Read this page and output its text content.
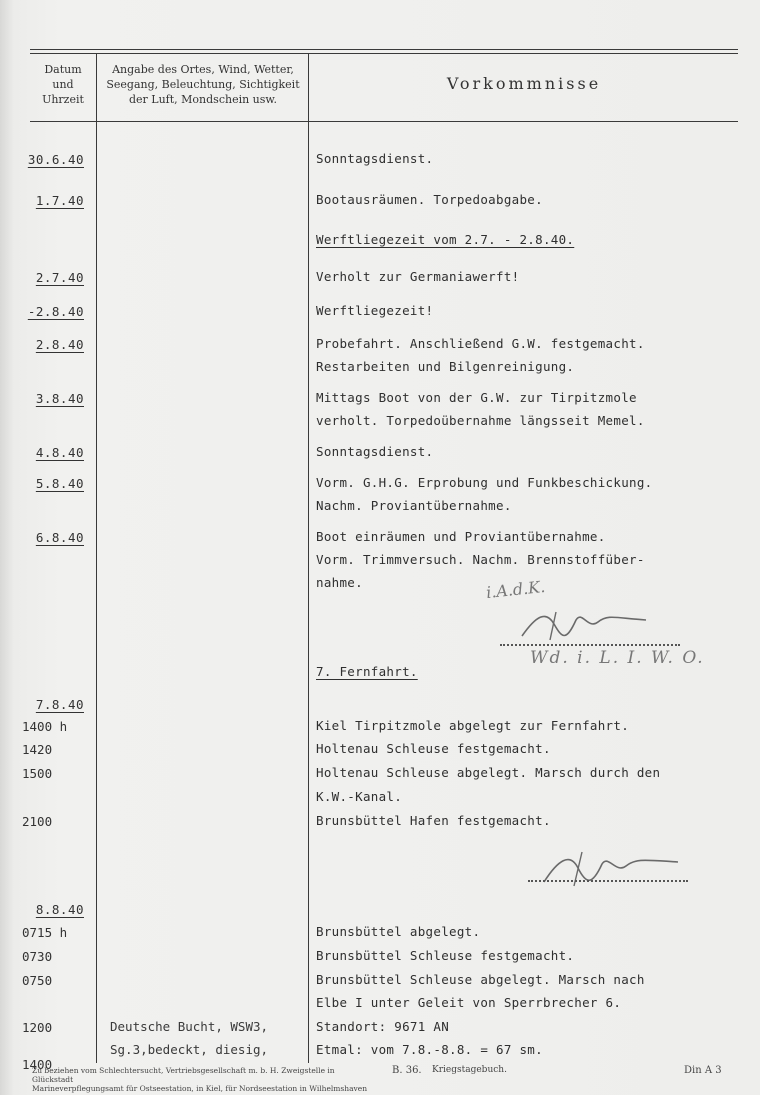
Datum
und
Uhrzeit
Angabe des Ortes, Wind, Wetter,
Seegang, Beleuchtung, Sichtigkeit
der Luft, Mondschein usw.
Vorkommnisse
30.6.40
1.7.40
2.7.40
-2.8.40
2.8.40
3.8.40
4.8.40
5.8.40
6.8.40
7.8.40
8.8.40
1400 h
1420
1500
2100
0715 h
0730
0750
1200
1400
Deutsche Bucht, WSW3,
Sg.3,bedeckt, diesig,
Sonntagsdienst.
Bootausräumen. Torpedoabgabe.
Werftliegezeit vom 2.7. - 2.8.40.
Verholt zur Germaniawerft!
Werftliegezeit!
Probefahrt. Anschließend G.W. festgemacht.
Restarbeiten und Bilgenreinigung.
Mittags Boot von der G.W. zur Tirpitzmole
verholt. Torpedoübernahme längsseit Memel.
Sonntagsdienst.
Vorm. G.H.G. Erprobung und Funkbeschickung.
Nachm. Proviantübernahme.
Boot einräumen und Proviantübernahme.
Vorm. Trimmversuch. Nachm. Brennstoffüber-
nahme.
7. Fernfahrt.
Kiel Tirpitzmole abgelegt zur Fernfahrt.
Holtenau Schleuse festgemacht.
Holtenau Schleuse abgelegt. Marsch durch den
K.W.-Kanal.
Brunsbüttel Hafen festgemacht.
Brunsbüttel abgelegt.
Brunsbüttel Schleuse festgemacht.
Brunsbüttel Schleuse abgelegt. Marsch nach
Elbe I unter Geleit von Sperrbrecher 6.
Standort: 9671 AN
Etmal: vom 7.8.-8.8. = 67 sm.
i.A.d.K.
Wd. i. L. I. W. O.
Zu beziehen vom Schlechtersucht, Vertriebsgesellschaft m. b. H. Zweigstelle in Glückstadt
Marineverpflegungsamt für Ostseestation, in Kiel, für Nordseestation in Wilhelmshaven
B. 36. Kriegstagebuch.	Din A 3
